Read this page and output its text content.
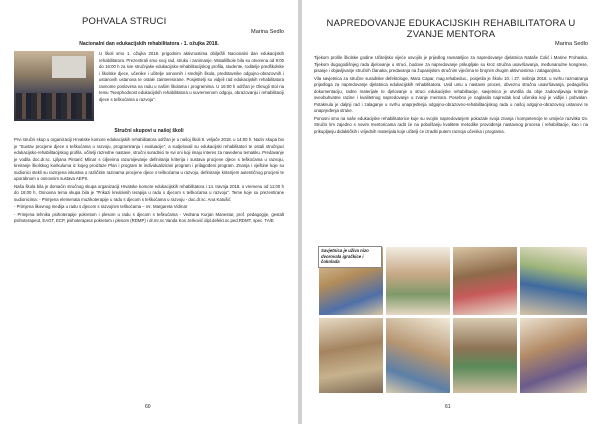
POHVALA STRUCI
Marina Sedlo
Nacionalni dan edukacijskih rehabilitatora - 1. ožujka 2018.

U školi smo 1. ožujka 2018. prigodnim aktivnostima obilježili Nacionalni dan edukacijskih rehabilitatora. Prezentirali smo svoj rad, struku i zanimanje. Watališkole bila su otvorena od 9:00 do 16:00 h za sve stručnjake edukacijsko-rehabilitacijskog profila, studente, roditelje predškolske i školske djece, učenike i učitelje osnovnih i srednjih škola, predstavnike odgojno-obrazovnih i ustanovih ustanova te ostale zainteresirane. Posjetitelji su vidjeli rad edukacijskih rehabilitatora ravnome poslovima na radu u našim školama i programima. U 16:00 h održan je Okrugli stol na temu "Neophodnost edukacijskih rehabilitatora u suvremenom odgoju, obrazovanju i rehabilitaciji djece s teškoćama u razvoju".

Stručni skupovi u našoj školi

Prvi stručni skup u organizaciji Hrvatske komore edukacijskih rehabilitatora održan je u našoj školi 8. veljače 2018. u 14:00 h. Naziv skupa bio je "Suvtav procjene djece s teškoćama u razvoju, programiranja i evaluacije", a sudjelovali su edukacijski rehabilitatori te ostali stručnjaci edukacijsko-rehabilitacijskog profila, učitelji razredne nastave, stručni suradnici te svi oni koji imaju interes za navedenu tematiku. Predavanje je vodila doc.dr.sc. Ljiljana Pintarić Mlinar s ciljevima razumijevanje definiranja kriterija i sustava procjene djece s teškoćama u razvoju, kreiranje školskog kurikuluma iz kojeg proizlaze Plan i program te individualizirani program i prilagođeni program. Znanja i vještine koje su sudionici stekli su razmjena iskustva o različitim razinama procjene djece s teškoćama u razvoju, definiranje kriterijem autentičnog procjeni te uporabnom u osnovnim sustava AEPS.

Naša škola bila je domaćin stručnog skupa organizaciji Hrvatske komore edukacijskih rehabilitatora i 14. travnja 2018. u vremenu od 11:00 h do 18:00 h. Osnovna tema skupa bila je "Prikazi kreativnih terapija u radu s djecom s teškoćama u razvoju". Teme koje su prezentirane sudionicima: - Primjena elemenata muzikoterapije u radu s djecom s teškoćama u razvoju - doc.dr.sc. Ana Katušić

- Primjena likovnog medija u radu s djecom s razvojnim teškoćama – mr. Margareta Vidmar

- Primjena tehnika psihoterapije pokretom i plesom u radu s djecom s teškoćama - Vedrana Kurjan Manestar, prof. pedagogije, gestalt psihoterapeut, EAGT, ECP, psihoterapeut pokretom i plesom (RDMP) i dr.mr.sc.Vanda Kos Jerković dipl.defekt.sc.ped.RDMT, spec. TA/E

60
NAPREDOVANJE EDUKACIJSKIH REHABILITATORA U ZVANJE MENTORA
Marina Sedlo

Tijekom prošle školske godine Učiteljsko vijeće usvojilo je prijedlog ravnateljice za napredovanje djelatnica Nataše Ćolić i Marine Prohaska. Tijekom dugogodišnjeg rada djelovanje u struci, bodove za napredovanje prikupljale su kroz stručna usavršavanja, međunarodne kongrese, pisanje i objavljivanje stručnih članaka, predavanja na županijskim stručnim vijećima te brojnim drugim aktivnostima i zalaganjima.

Vila savjetnica za stručne suradnike defektologe, Mara Capar, mag.rehabeduc., posjetila je školu 10. i 27. svibnja 2018. u svrhu razmatranja prijedloga za napredovanje djelatnica edukacijskih rehabilitatora. Uvid umu u nastavni proces, obveznu stručnu usavršavanja, pedagošku dokumentaciju, radne materijale te djelovanje u struci edukacijske rehabilitacije, savjetnica je utvrdila da obje zadovoljavaju kriterije sveobuhvatne razine i kvalitetnog napredovanje u zvanje mentora. Posebno je naglasila napredak kod učenika koji je vidljiv i pohvalan. Potaknula je daljnji rad i zalaganje u svrhu unaprjeđenja odgojno-obrazovno-rehabilitacijskog rada u našoj odgojno-obrazovnoj ustanovi te unaprjeđenja struke.

Ponosni smo na naše edukacijske rehabilitatorice koje su svojim napredovanjem pokazale svoja znanja i kompetencije te umijeće razvitka tzv. Stručni tim zajedno s novim mentoricama radit će na pobolšanju kvalitete metodike provođenja nastavnog procesa i rehabilitacije, kao i na prikupljanju didaktičkih i vrijednih materijala koje učitelji će izraditi putem razvoja učenika i programa.

Savjetnica je uživa nizo dvorovala igračkice i čokolada
61
